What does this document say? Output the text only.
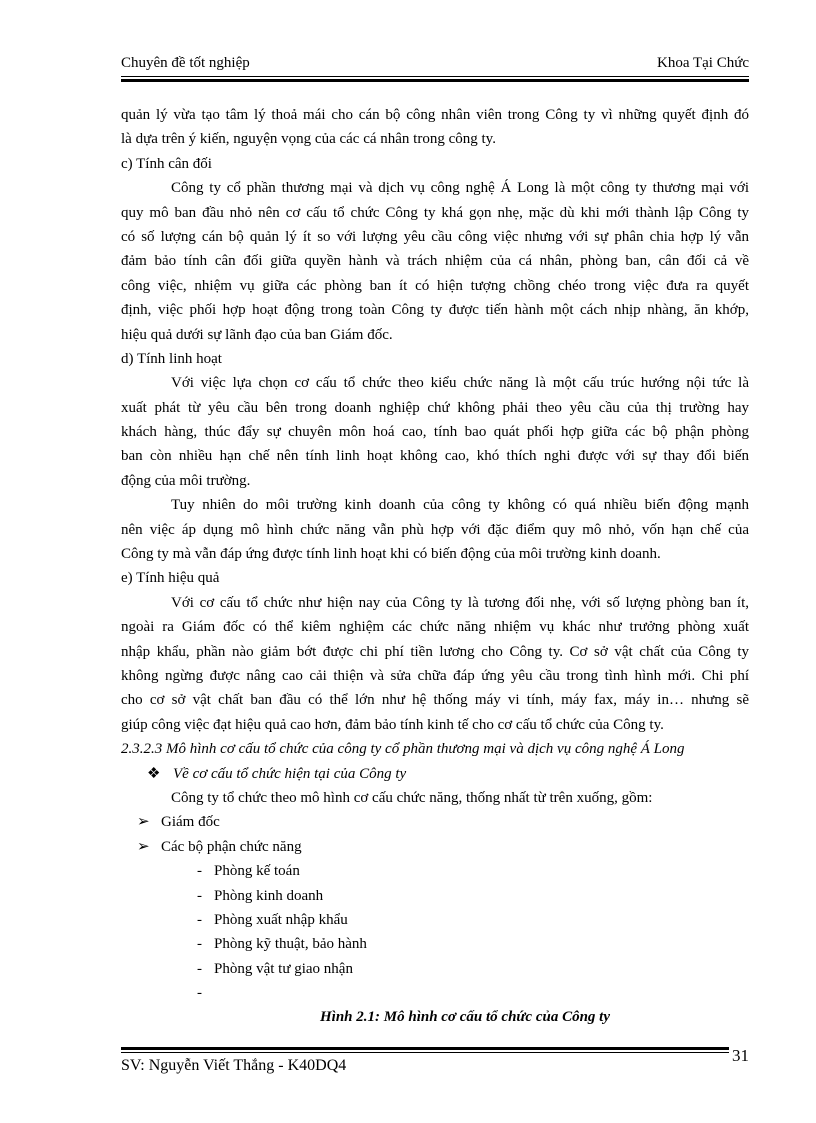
Chuyên đề tốt nghiệp	Khoa Tại Chức

quản lý vừa tạo tâm lý thoả mái cho cán bộ công nhân viên trong Công ty vì những quyết định đó

là dựa trên ý kiến, nguyện vọng của các cá nhân trong công ty.

c) Tính cân đối

Công ty cổ phần thương mại và dịch vụ công nghệ Á Long là một công ty thương mại với

quy mô ban đầu nhỏ nên cơ cấu tổ chức Công ty khá gọn nhẹ, mặc dù khi mới thành lập Công ty

có số lượng cán bộ quản lý ít so với lượng yêu cầu công việc nhưng với sự phân chia hợp lý vẫn

đảm bảo tính cân đối giữa quyền hành và trách nhiệm của cá nhân, phòng ban, cân đối cả về

công việc, nhiệm vụ giữa các phòng ban ít có hiện tượng chồng chéo trong việc đưa ra quyết

định, việc phối hợp hoạt động trong toàn Công ty được tiến hành một cách nhịp nhàng, ăn khớp,

hiệu quả dưới sự lãnh đạo của ban Giám đốc.

d) Tính linh hoạt

Với việc lựa chọn cơ cấu tổ chức theo kiểu chức năng là một cấu trúc hướng nội tức là

xuất phát từ yêu cầu bên trong doanh nghiệp chứ không phải theo yêu cầu của thị trường hay

khách hàng, thúc đẩy sự chuyên môn hoá cao, tính bao quát phối hợp giữa các bộ phận phòng

ban còn nhiều hạn chế nên tính linh hoạt không cao, khó thích nghi được với sự thay đổi biến

động của môi trường.

Tuy nhiên do môi trường kinh doanh của công ty không có quá nhiều biến động mạnh

nên việc áp dụng mô hình chức năng vẫn phù hợp với đặc điểm quy mô nhỏ, vốn hạn chế của

Công ty mà vẫn đáp ứng được tính linh hoạt khi có biến động của môi trường kinh doanh.

e) Tính hiệu quả

Với cơ cấu tổ chức như hiện nay của Công ty là tương đối nhẹ, với số lượng phòng ban ít,

ngoài ra Giám đốc có thể kiêm nghiệm các chức năng nhiệm vụ khác như trưởng phòng xuất

nhập khẩu, phần nào giảm bớt được chi phí tiền lương cho Công ty. Cơ sở vật chất của Công ty

không ngừng được nâng cao cải thiện và sửa chữa đáp ứng yêu cầu trong tình hình mới. Chi phí

cho cơ sở vật chất ban đầu có thể lớn như hệ thống máy vi tính, máy fax, máy in… nhưng sẽ

giúp công việc đạt hiệu quả cao hơn, đảm bảo tính kinh tế cho cơ cấu tổ chức của Công ty.

2.3.2.3 Mô hình cơ cấu tổ chức của công ty cổ phần thương mại và dịch vụ công nghệ Á Long

❖ Về cơ cấu tổ chức hiện tại của Công ty

Công ty tổ chức theo mô hình cơ cấu chức năng, thống nhất từ trên xuống, gồm:

➢ Giám đốc

➢ Các bộ phận chức năng

- Phòng kế toán

- Phòng kinh doanh

- Phòng xuất nhập khẩu

- Phòng kỹ thuật, bảo hành

- Phòng vật tư giao nhận

-

Hình 2.1: Mô hình cơ cấu tổ chức của Công ty

SV: Nguyễn Viết Thắng - K40DQ4
31
